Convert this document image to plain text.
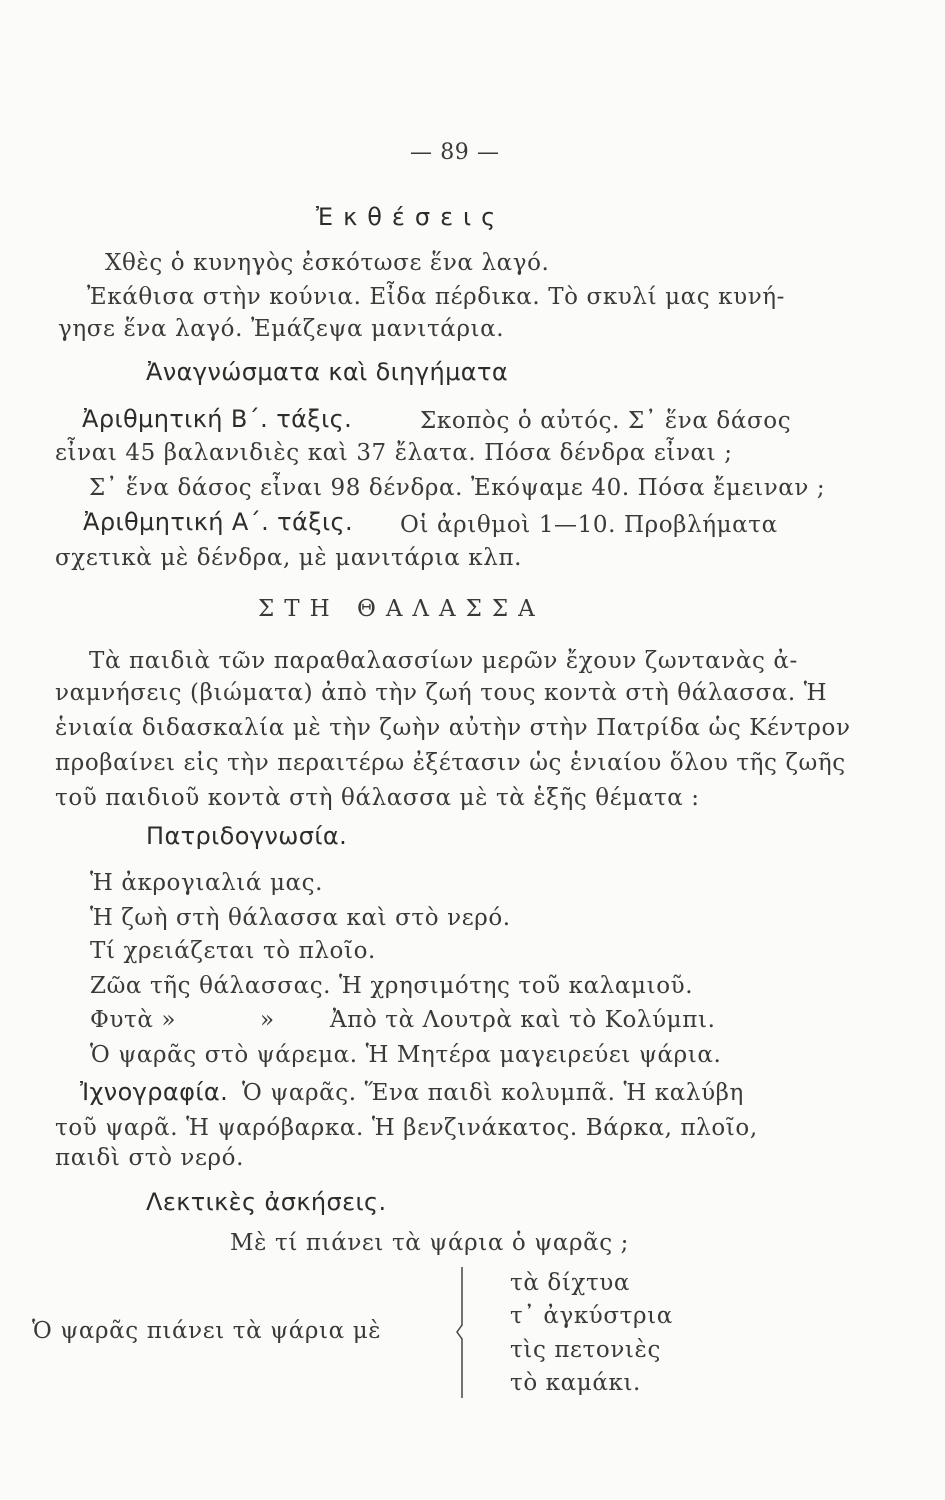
— 89 —
Ἐκθέσεις
Χθὲς ὁ κυνηγὸς ἐσκότωσε ἕνα λαγό.
Ἐκάθισα στὴν κούνια. Εἶδα πέρδικα. Τὸ σκυλί μας κυνή-
γησε ἕνα λαγό. Ἐμάζεψα μανιτάρια.
Ἀναγνώσματα καὶ διηγήματα
Ἀριθμητική Β΄. τάξις.	Σκοπὸς ὁ αὐτός. Σ᾽ ἕνα δάσος
εἶναι 45 βαλανιδιὲς καὶ 37 ἔλατα. Πόσα δένδρα εἶναι ;
Σ᾽ ἕνα δάσος εἶναι 98 δένδρα. Ἐκόψαμε 40. Πόσα ἔμειναν ;
Ἀριθμητική Α΄. τάξις. Οἱ ἀριθμοὶ 1—10. Προβλήματα
σχετικὰ μὲ δένδρα, μὲ μανιτάρια κλπ.
ΣΤΗ ΘΑΛΑΣΣΑ
Τὰ παιδιὰ τῶν παραθαλασσίων μερῶν ἔχουν ζωντανὰς ἀ-
ναμνήσεις (βιώματα) ἀπὸ τὴν ζωή τους κοντὰ στὴ θάλασσα. Ἡ
ἑνιαία διδασκαλία μὲ τὴν ζωὴν αὐτὴν στὴν Πατρίδα ὡς Κέντρον
προβαίνει εἰς τὴν περαιτέρω ἐξέτασιν ὡς ἑνιαίου ὅλου τῆς ζωῆς
τοῦ παιδιοῦ κοντὰ στὴ θάλασσα μὲ τὰ ἑξῆς θέματα :
Πατριδογνωσία.
Ἡ ἀκρογιαλιά μας.
Ἡ ζωὴ στὴ θάλασσα καὶ στὸ νερό.
Τί χρειάζεται τὸ πλοῖο.
Ζῶα τῆς θάλασσας. Ἡ χρησιμότης τοῦ καλαμιοῦ.
Φυτὰ »	» Ἀπὸ τὰ Λουτρὰ καὶ τὸ Κολύμπι.
Ὁ ψαρᾶς στὸ ψάρεμα. Ἡ Μητέρα μαγειρεύει ψάρια.
Ἰχνογραφία. Ὁ ψαρᾶς. Ἕνα παιδὶ κολυμπᾶ. Ἡ καλύβη
τοῦ ψαρᾶ. Ἡ ψαρόβαρκα. Ἡ βενζινάκατος. Βάρκα, πλοῖο,
παιδὶ στὸ νερό.
Λεκτικὲς ἀσκήσεις.
Μὲ τί πιάνει τὰ ψάρια ὁ ψαρᾶς ;
Ὁ ψαρᾶς πιάνει τὰ ψάρια μὲ
τὰ δίχτυα
τ᾽ ἀγκύστρια
τὶς πετονιὲς
τὸ καμάκι.
